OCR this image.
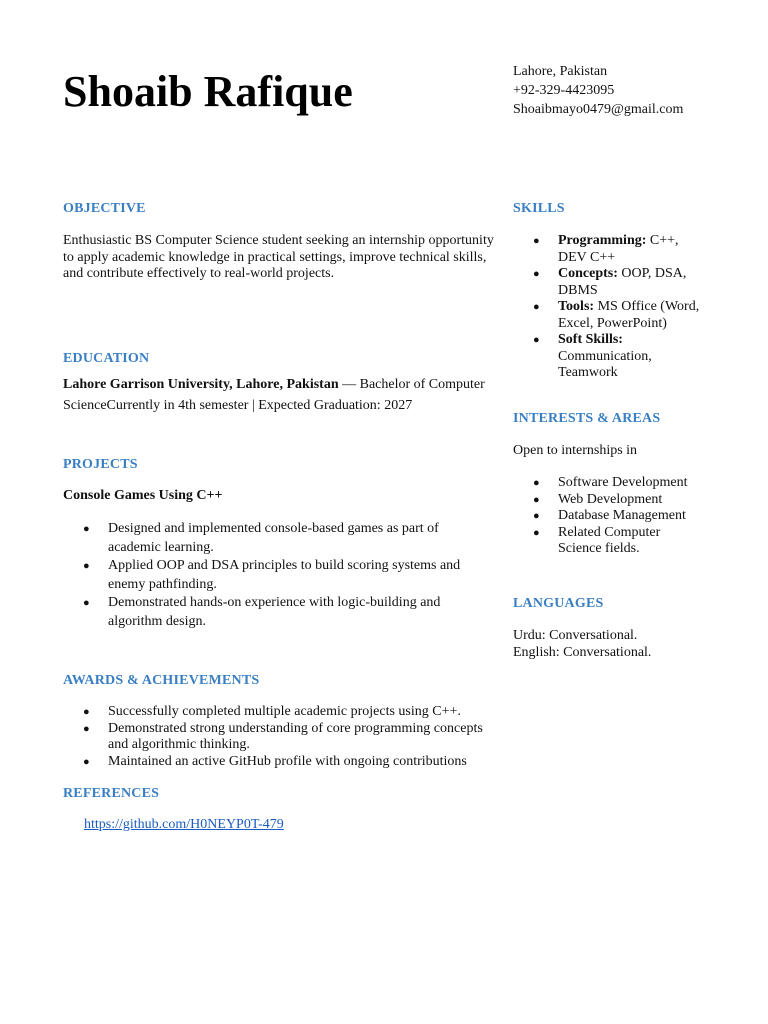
Shoaib Rafique	Lahore, Pakistan
+92-329-4423095
Shoaibmayo0479@gmail.com
OBJECTIVE

Enthusiastic BS Computer Science student seeking an internship opportunity to apply academic knowledge in practical settings, improve technical skills, and contribute effectively to real-world projects.

EDUCATION

Lahore Garrison University, Lahore, Pakistan — Bachelor of Computer ScienceCurrently in 4th semester | Expected Graduation: 2027

PROJECTS

Console Games Using C++

● Designed and implemented console-based games as part of academic learning.
● Applied OOP and DSA principles to build scoring systems and enemy pathfinding.
● Demonstrated hands-on experience with logic-building and algorithm design.
AWARDS & ACHIEVEMENTS
● Successfully completed multiple academic projects using C++.
● Demonstrated strong understanding of core programming concepts and algorithmic thinking.
● Maintained an active GitHub profile with ongoing contributions
REFERENCES
https://github.com/H0NEYP0T-479
SKILLS
● Programming: C++, DEV C++
● Concepts: OOP, DSA, DBMS
● Tools: MS Office (Word, Excel, PowerPoint)
● Soft Skills: Communication, Teamwork
INTERESTS & AREAS

Open to internships in

● Software Development
● Web Development
● Database Management
● Related Computer Science fields.
LANGUAGES
Urdu: Conversational.
English: Conversational.
